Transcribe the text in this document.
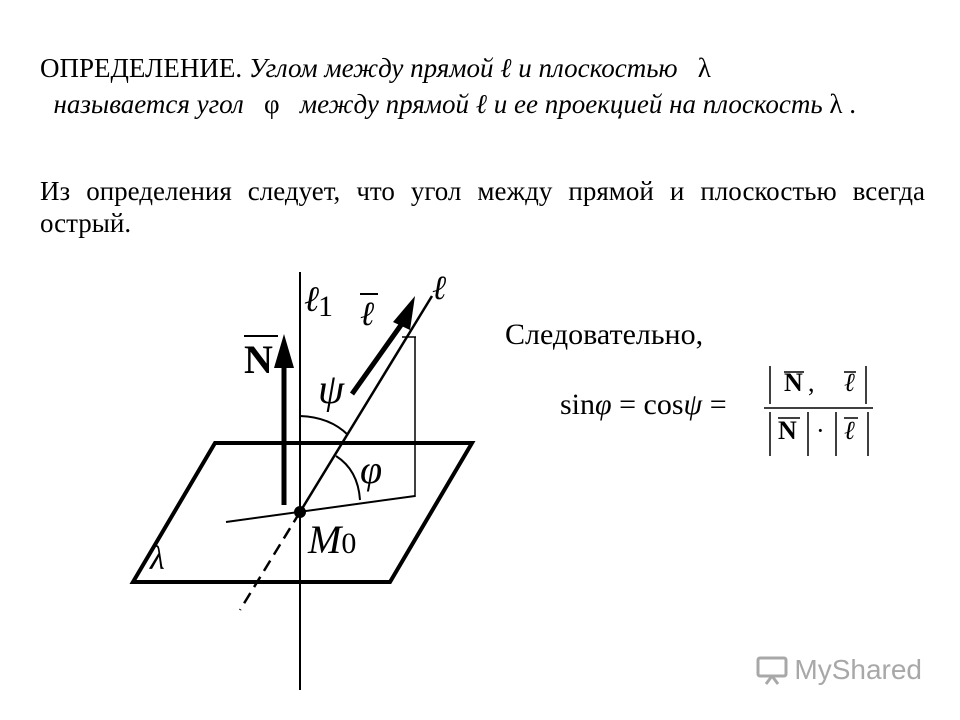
ОПРЕДЕЛЕНИЕ. Углом между прямой ℓ и плоскостью λ
называется угол φ между прямой ℓ и ее проекцией на плоскость λ .
Из определения следует, что угол между прямой и плоскостью всегда острый.
ℓ 1 ℓ
ℓ
N
ψ
φ
M0
λ
Следовательно,
sinφ = cosψ =
N , ℓ
N · ℓ
MyShared
